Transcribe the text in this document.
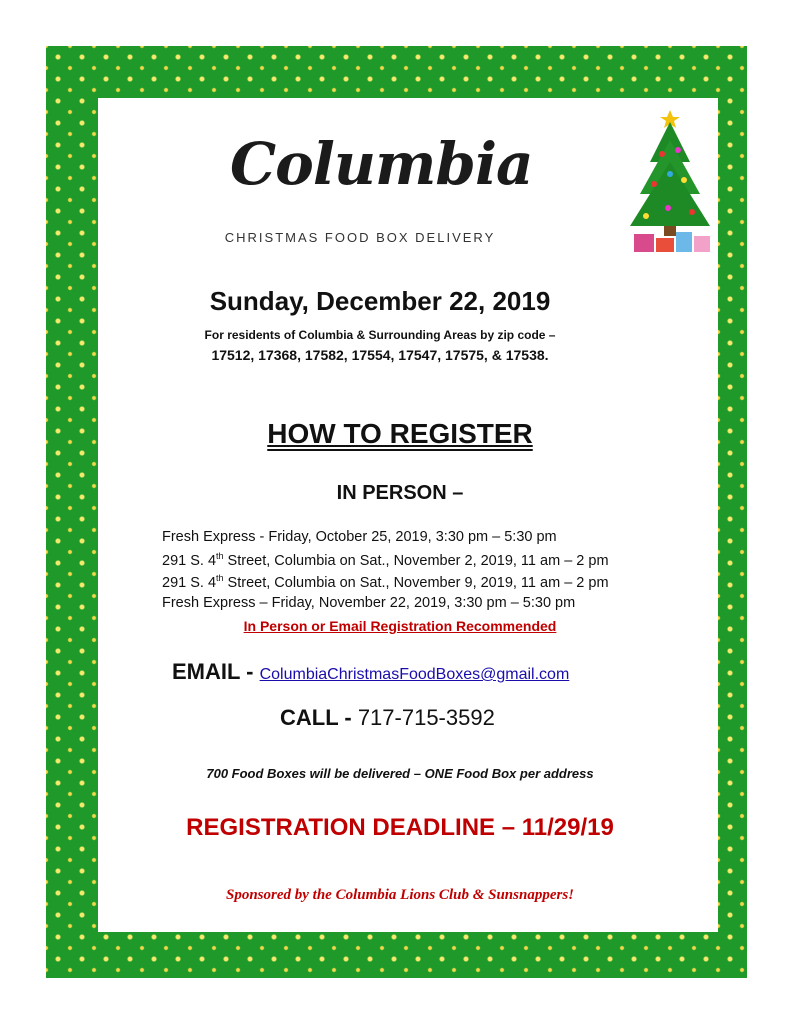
Columbia
CHRISTMAS FOOD BOX DELIVERY
Sunday, December 22, 2019
For residents of Columbia & Surrounding Areas by zip code –
17512, 17368, 17582, 17554, 17547, 17575, & 17538.
HOW TO REGISTER
IN PERSON –
Fresh Express - Friday, October 25, 2019, 3:30 pm – 5:30 pm
291 S. 4th Street, Columbia on Sat., November 2, 2019, 11 am – 2 pm
291 S. 4th Street, Columbia on Sat., November 9, 2019, 11 am – 2 pm
Fresh Express – Friday, November 22, 2019, 3:30 pm – 5:30 pm
In Person or Email Registration Recommended
EMAIL - ColumbiaChristmasFoodBoxes@gmail.com
CALL - 717-715-3592
700 Food Boxes will be delivered – ONE Food Box per address
REGISTRATION DEADLINE – 11/29/19
Sponsored by the Columbia Lions Club & Sunsnappers!
